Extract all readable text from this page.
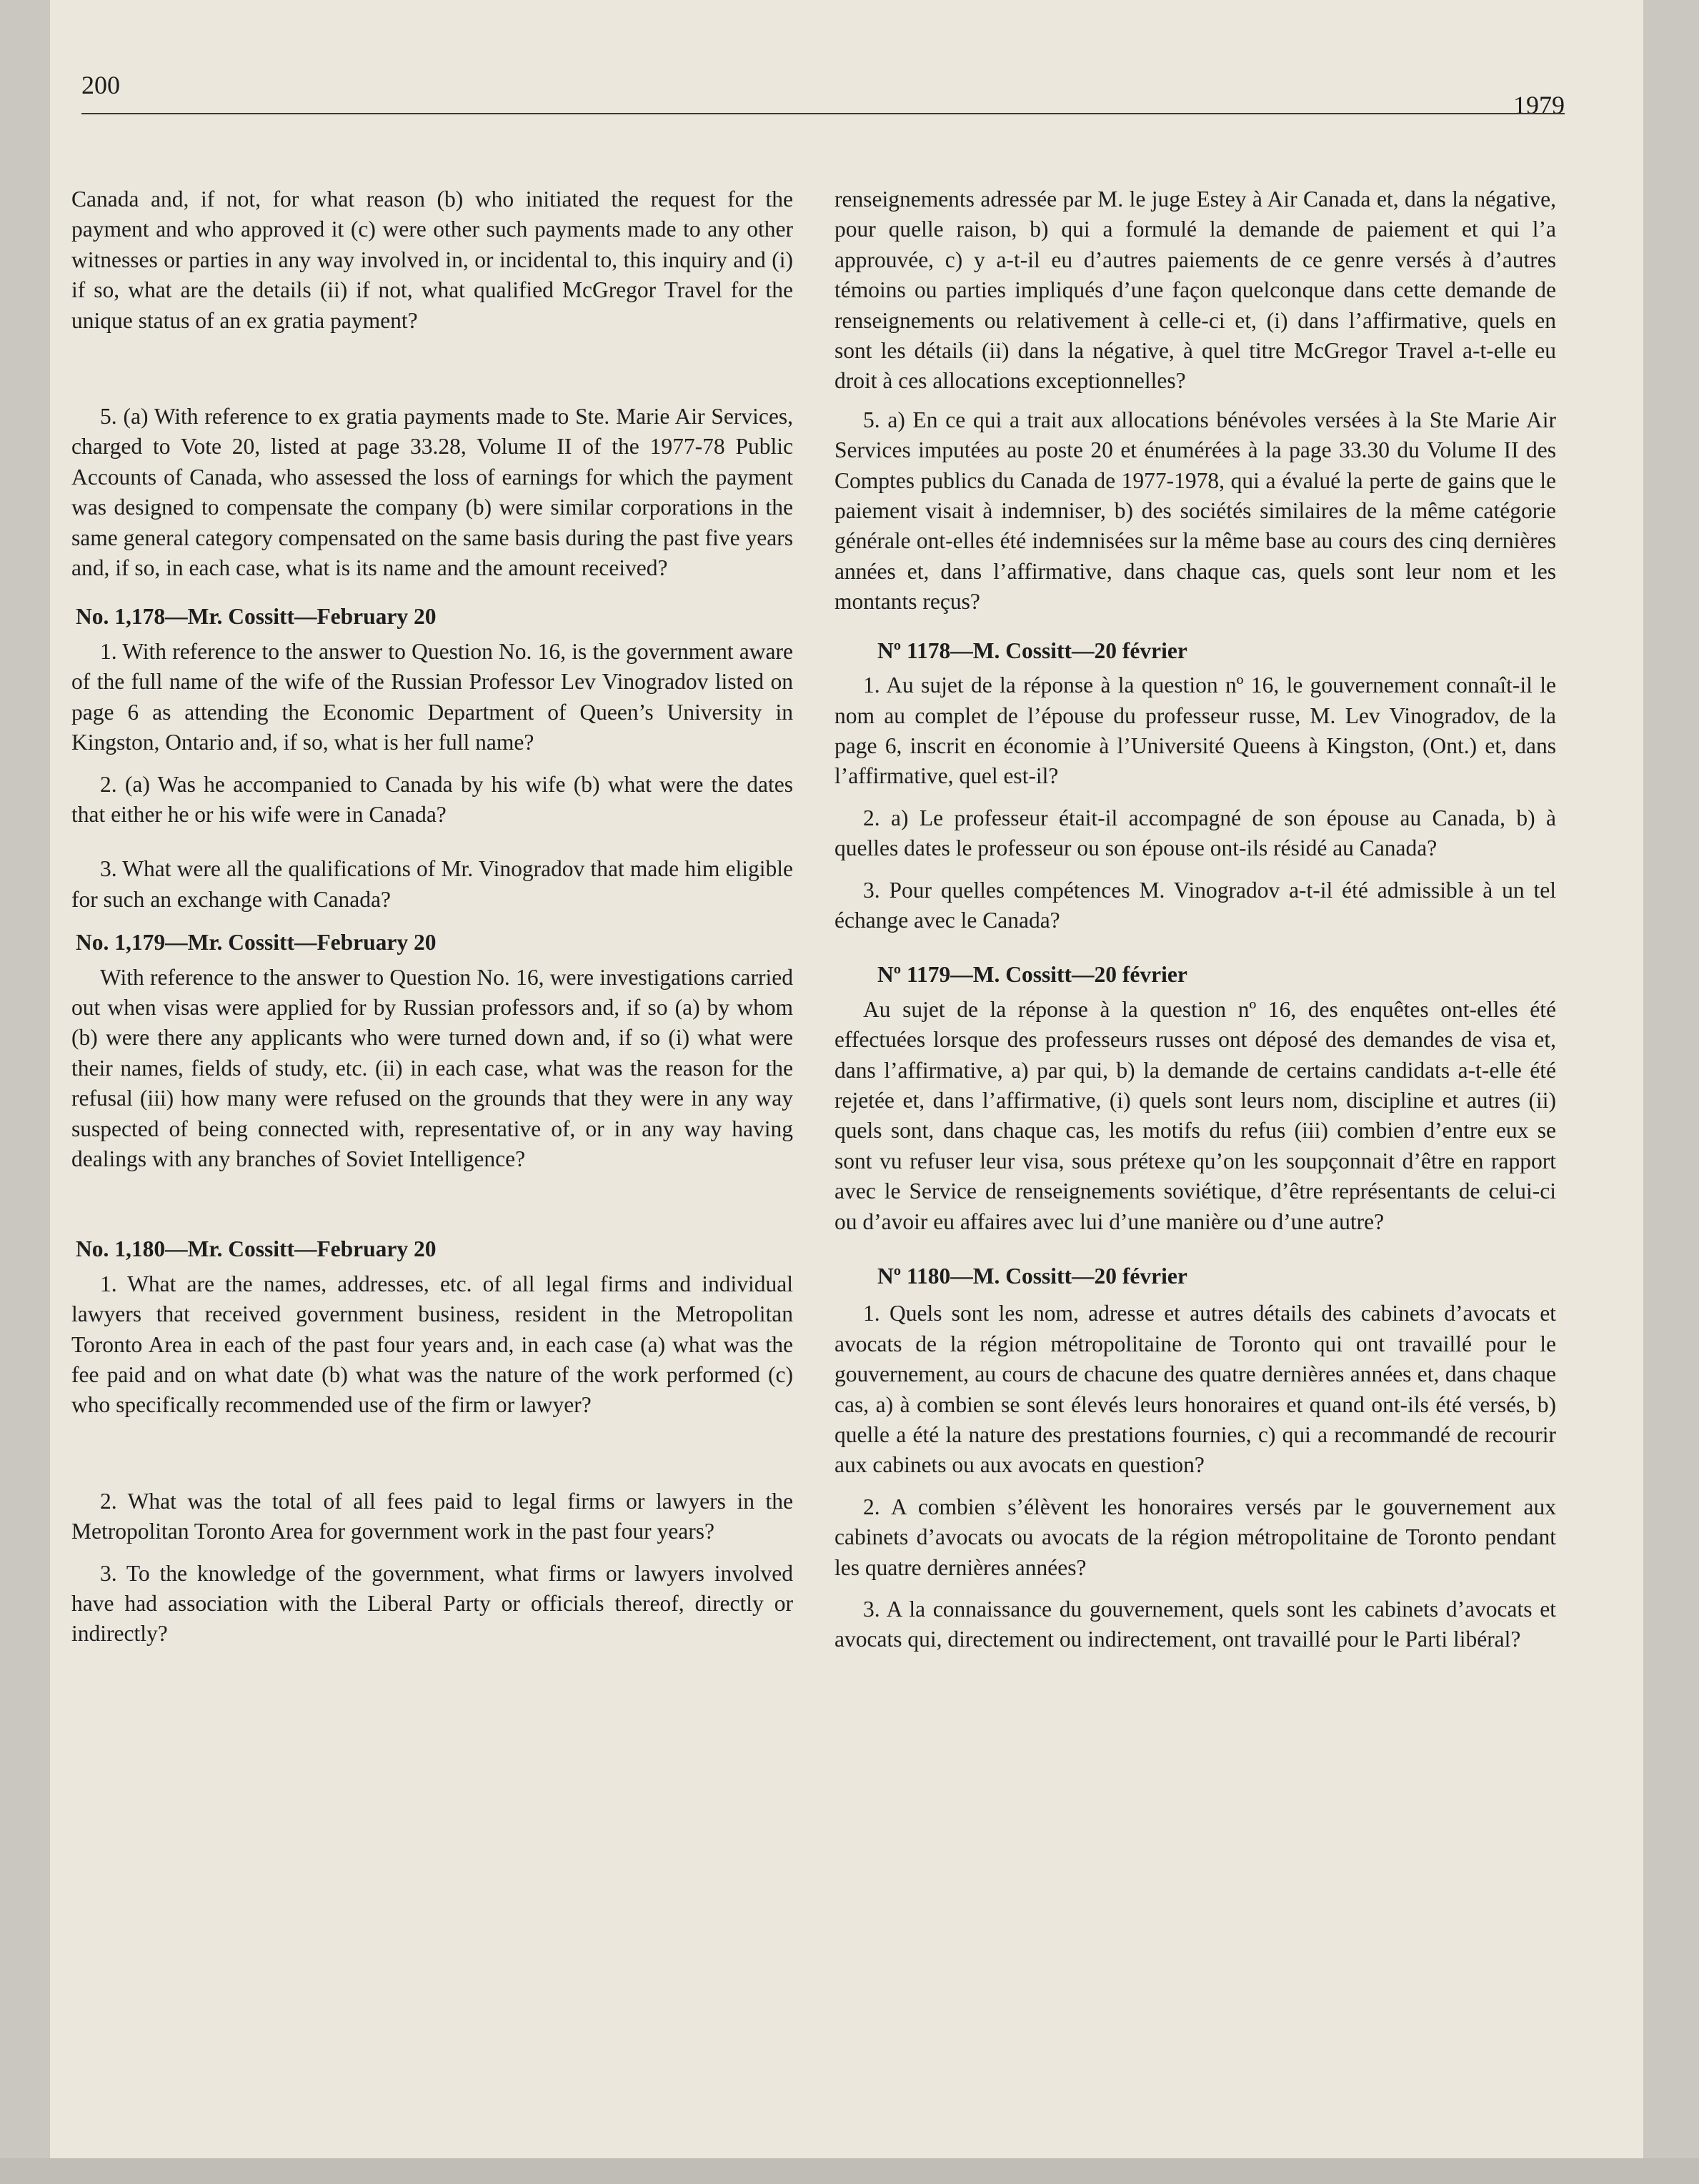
200
1979

Canada and, if not, for what reason (b) who initiated the request for the payment and who approved it (c) were other such payments made to any other witnesses or parties in any way involved in, or incidental to, this inquiry and (i) if so, what are the details (ii) if not, what qualified McGregor Travel for the unique status of an ex gratia payment?

5. (a) With reference to ex gratia payments made to Ste. Marie Air Services, charged to Vote 20, listed at page 33.28, Volume II of the 1977-78 Public Accounts of Canada, who assessed the loss of earnings for which the payment was designed to compensate the company (b) were similar corporations in the same general category compensated on the same basis during the past five years and, if so, in each case, what is its name and the amount received?

No. 1,178—Mr. Cossitt—February 20

1. With reference to the answer to Question No. 16, is the government aware of the full name of the wife of the Russian Professor Lev Vinogradov listed on page 6 as attending the Economic Department of Queen’s University in Kingston, Ontario and, if so, what is her full name?

2. (a) Was he accompanied to Canada by his wife (b) what were the dates that either he or his wife were in Canada?

3. What were all the qualifications of Mr. Vinogradov that made him eligible for such an exchange with Canada?

No. 1,179—Mr. Cossitt—February 20

With reference to the answer to Question No. 16, were investigations carried out when visas were applied for by Russian professors and, if so (a) by whom (b) were there any applicants who were turned down and, if so (i) what were their names, fields of study, etc. (ii) in each case, what was the reason for the refusal (iii) how many were refused on the grounds that they were in any way suspected of being connected with, representative of, or in any way having dealings with any branches of Soviet Intelligence?

No. 1,180—Mr. Cossitt—February 20

1. What are the names, addresses, etc. of all legal firms and individual lawyers that received government business, resident in the Metropolitan Toronto Area in each of the past four years and, in each case (a) what was the fee paid and on what date (b) what was the nature of the work performed (c) who specifically recommended use of the firm or lawyer?

2. What was the total of all fees paid to legal firms or lawyers in the Metropolitan Toronto Area for government work in the past four years?

3. To the knowledge of the government, what firms or lawyers involved have had association with the Liberal Party or officials thereof, directly or indirectly?

renseignements adressée par M. le juge Estey à Air Canada et, dans la négative, pour quelle raison, b) qui a formulé la demande de paiement et qui l’a approuvée, c) y a-t-il eu d’autres paiements de ce genre versés à d’autres témoins ou parties impliqués d’une façon quelconque dans cette demande de renseignements ou relativement à celle-ci et, (i) dans l’affirmative, quels en sont les détails (ii) dans la négative, à quel titre McGregor Travel a-t-elle eu droit à ces allocations exceptionnelles?

5. a) En ce qui a trait aux allocations bénévoles versées à la Ste Marie Air Services imputées au poste 20 et énumérées à la page 33.30 du Volume II des Comptes publics du Canada de 1977-1978, qui a évalué la perte de gains que le paiement visait à indemniser, b) des sociétés similaires de la même catégorie générale ont-elles été indemnisées sur la même base au cours des cinq dernières années et, dans l’affirmative, dans chaque cas, quels sont leur nom et les montants reçus?

Nº 1178—M. Cossitt—20 février

1. Au sujet de la réponse à la question nº 16, le gouvernement connaît-il le nom au complet de l’épouse du professeur russe, M. Lev Vinogradov, de la page 6, inscrit en économie à l’Université Queens à Kingston, (Ont.) et, dans l’affirmative, quel est-il?

2. a) Le professeur était-il accompagné de son épouse au Canada, b) à quelles dates le professeur ou son épouse ont-ils résidé au Canada?

3. Pour quelles compétences M. Vinogradov a-t-il été admissible à un tel échange avec le Canada?

Nº 1179—M. Cossitt—20 février

Au sujet de la réponse à la question nº 16, des enquêtes ont-elles été effectuées lorsque des professeurs russes ont déposé des demandes de visa et, dans l’affirmative, a) par qui, b) la demande de certains candidats a-t-elle été rejetée et, dans l’affirmative, (i) quels sont leurs nom, discipline et autres (ii) quels sont, dans chaque cas, les motifs du refus (iii) combien d’entre eux se sont vu refuser leur visa, sous prétexe qu’on les soupçonnait d’être en rapport avec le Service de renseignements soviétique, d’être représentants de celui-ci ou d’avoir eu affaires avec lui d’une manière ou d’une autre?

Nº 1180—M. Cossitt—20 février

1. Quels sont les nom, adresse et autres détails des cabinets d’avocats et avocats de la région métropolitaine de Toronto qui ont travaillé pour le gouvernement, au cours de chacune des quatre dernières années et, dans chaque cas, a) à combien se sont élevés leurs honoraires et quand ont-ils été versés, b) quelle a été la nature des prestations fournies, c) qui a recommandé de recourir aux cabinets ou aux avocats en question?

2. A combien s’élèvent les honoraires versés par le gouvernement aux cabinets d’avocats ou avocats de la région métropolitaine de Toronto pendant les quatre dernières années?

3. A la connaissance du gouvernement, quels sont les cabinets d’avocats et avocats qui, directement ou indirectement, ont travaillé pour le Parti libéral?
